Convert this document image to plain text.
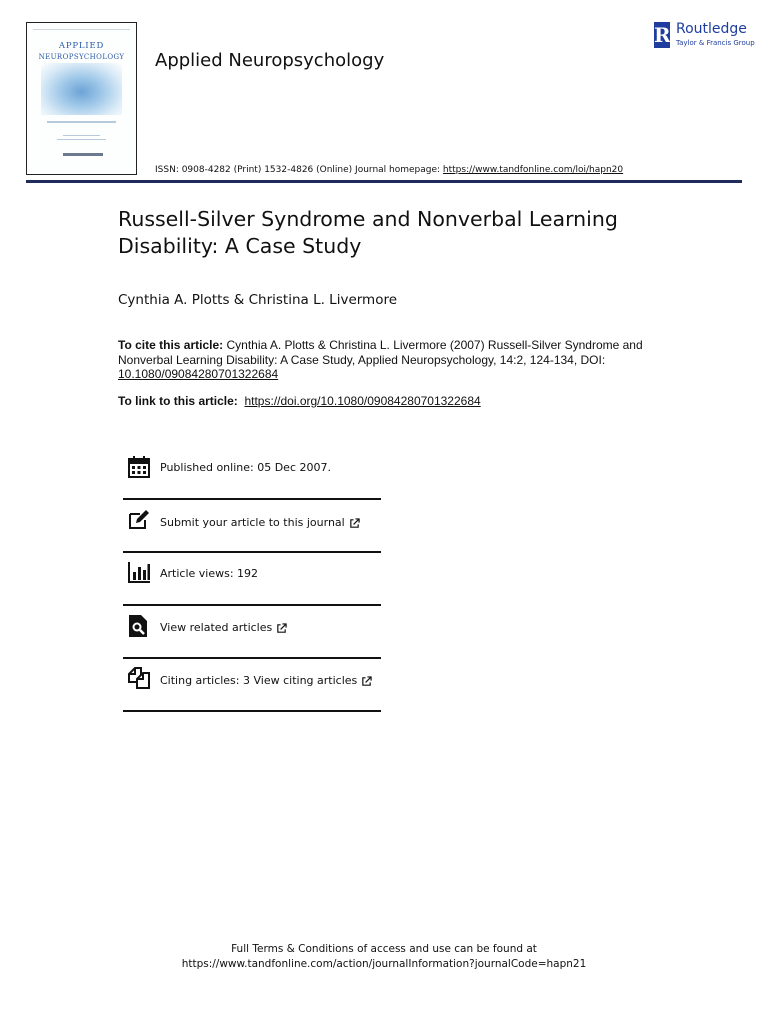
APPLIED
NEUROPSYCHOLOGY	Applied Neuropsychology
R Routledge
Taylor & Francis Group
ISSN: 0908-4282 (Print) 1532-4826 (Online) Journal homepage: https://www.tandfonline.com/loi/hapn20
Russell-Silver Syndrome and Nonverbal Learning Disability: A Case Study
Cynthia A. Plotts & Christina L. Livermore
To cite this article: Cynthia A. Plotts & Christina L. Livermore (2007) Russell-Silver Syndrome and Nonverbal Learning Disability: A Case Study, Applied Neuropsychology, 14:2, 124-134, DOI: 10.1080/09084280701322684
To link to this article: https://doi.org/10.1080/09084280701322684
Published online: 05 Dec 2007.
Submit your article to this journal
Article views: 192
View related articles
Citing articles: 3 View citing articles
Full Terms & Conditions of access and use can be found at
https://www.tandfonline.com/action/journalInformation?journalCode=hapn21
